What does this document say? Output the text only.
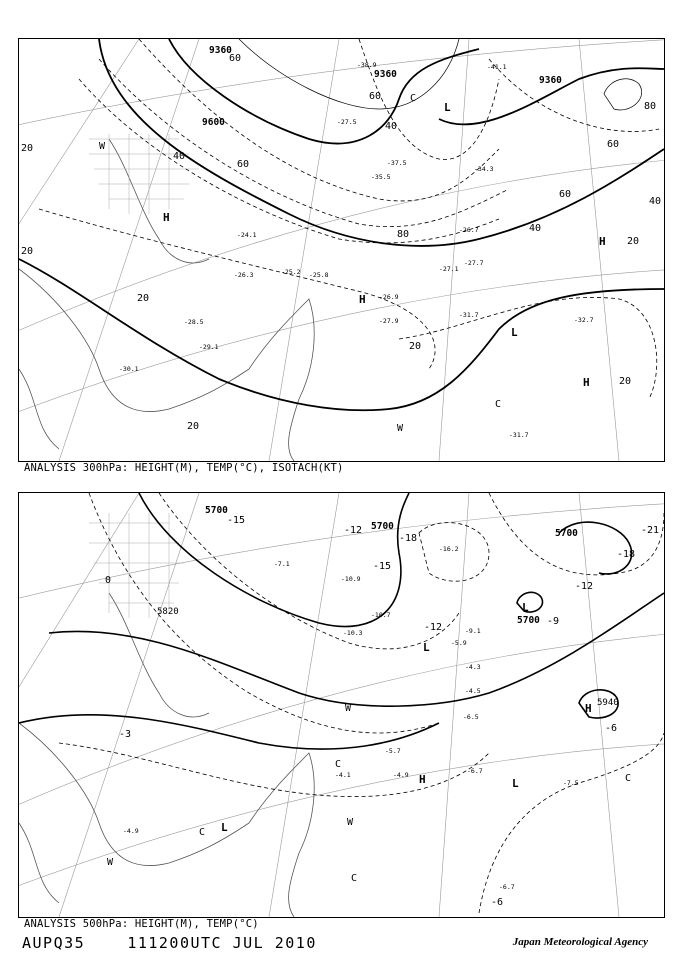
9360
9360
9360
9600
20
20
20
20
20
20
20
40
40
40
40
60
60
60
60
60
80
80
-27.5
-24.1
-26.3	-25.2 -25.8
-28.5
-29.1
-30.1
-31.7
-32.7
-27.7
-27.9
-26.9
-27.1
-26.7
-34.3
-35.5
-37.5
-38.9	-41.1
-31.7
H
H
H
H
L
L
C
C
W
W
ANALYSIS 300hPa: HEIGHT(M), TEMP(°C), ISOTACH(KT)
5700
5700
5700
5700
5820
5940
-15
-18
-12
-12
-9
-6
-3
0
-15
-18
-21
-12
-6
-16.2
-10.7
-10.9
-10.3
-7.1
-4.9
-5.7
-4.1	-6.7
-7.5
-6.7
-4.9
-5.9
-4.3
-4.5
-6.5
-9.1
H
H
L
L
L
L
C
C
C
C
W
W
W
ANALYSIS 500hPa: HEIGHT(M), TEMP(°C)
AUPQ35	111200UTC JUL 2010	Japan Meteorological Agency
